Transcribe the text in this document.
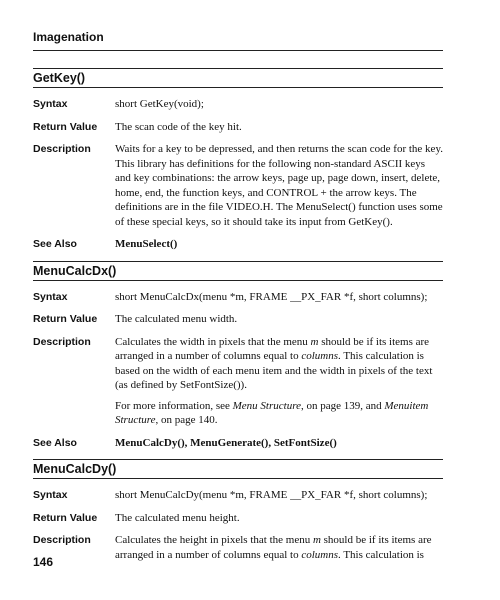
Imagenation
GetKey()
Syntax	short GetKey(void);
Return Value	The scan code of the key hit.
Description	Waits for a key to be depressed, and then returns the scan code for the key. This library has definitions for the following non-standard ASCII keys and key combinations: the arrow keys, page up, page down, insert, delete, home, end, the function keys, and CONTROL + the arrow keys. The definitions are in the file VIDEO.H. The MenuSelect() function uses some of these special keys, so it should take its input from GetKey().
See Also	MenuSelect()
MenuCalcDx()
Syntax	short MenuCalcDx(menu *m, FRAME __PX_FAR *f, short columns);
Return Value	The calculated menu width.
Description	Calculates the width in pixels that the menu m should be if its items are arranged in a number of columns equal to columns. This calculation is based on the width of each menu item and the width in pixels of the text (as defined by SetFontSize()).
For more information, see Menu Structure, on page 139, and Menuitem Structure, on page 140.
See Also	MenuCalcDy(), MenuGenerate(), SetFontSize()
MenuCalcDy()
Syntax	short MenuCalcDy(menu *m, FRAME __PX_FAR *f, short columns);
Return Value	The calculated menu height.
Description	Calculates the height in pixels that the menu m should be if its items are arranged in a number of columns equal to columns. This calculation is
146
